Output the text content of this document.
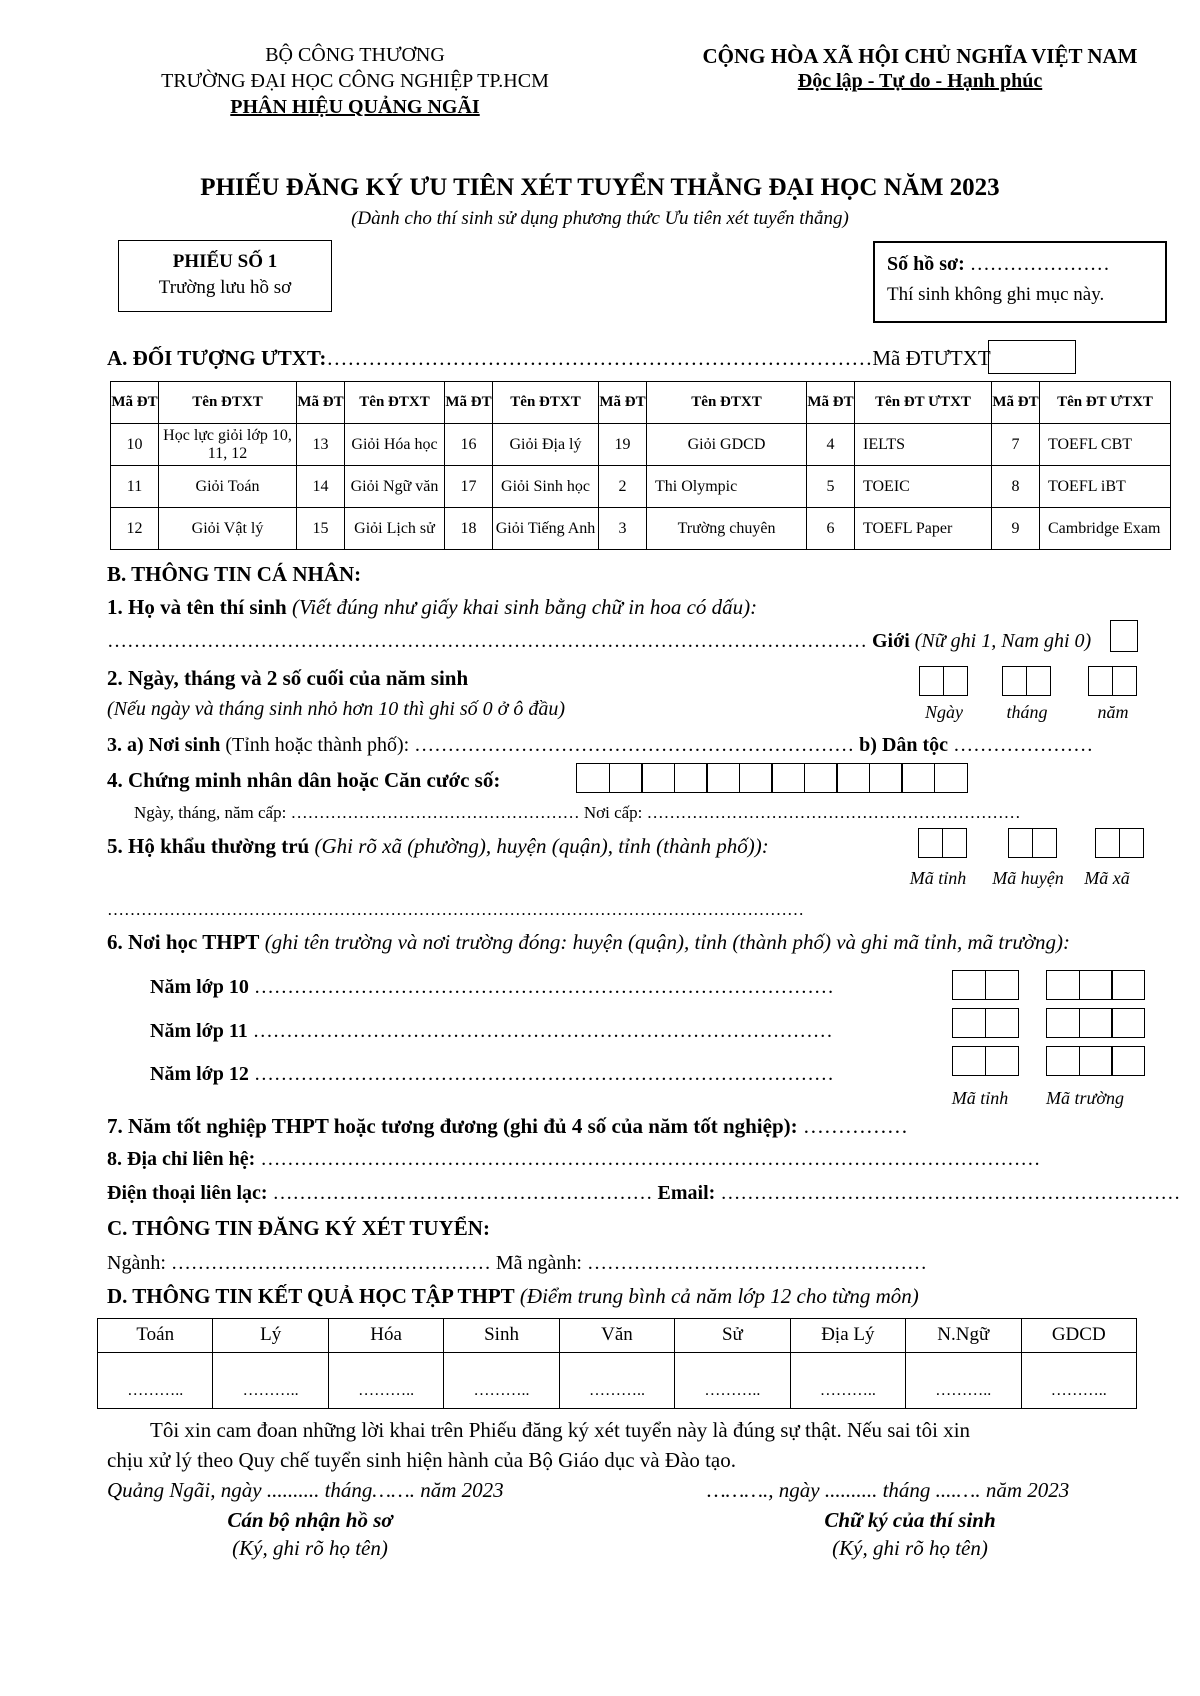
BỘ CÔNG THƯƠNG
TRƯỜNG ĐẠI HỌC CÔNG NGHIỆP TP.HCM
PHÂN HIỆU QUẢNG NGÃI
CỘNG HÒA XÃ HỘI CHỦ NGHĨA VIỆT NAM
Độc lập - Tự do - Hạnh phúc
PHIẾU ĐĂNG KÝ ƯU TIÊN XÉT TUYỂN THẲNG ĐẠI HỌC NĂM 2023
(Dành cho thí sinh sử dụng phương thức Ưu tiên xét tuyển thẳng)
PHIẾU SỐ 1
Trường lưu hồ sơ
Số hồ sơ: …………………
Thí sinh không ghi mục này.
A. ĐỐI TƯỢNG ƯTXT:……………………………………………………………………Mã ĐTƯTXT
Mã ĐT	Tên ĐTXT	Mã ĐT	Tên ĐTXT	Mã ĐT	Tên ĐTXT	Mã ĐT	Tên ĐTXT	Mã ĐT	Tên ĐT ƯTXT	Mã ĐT	Tên ĐT ƯTXT
10	Học lực giỏi lớp 10, 11, 12	13	Giỏi Hóa học	16	Giỏi Địa lý	19	Giỏi GDCD	4	IELTS	7	TOEFL CBT
11	Giỏi Toán	14	Giỏi Ngữ văn	17	Giỏi Sinh học	2	Thi Olympic	5	TOEIC	8	TOEFL iBT
12	Giỏi Vật lý	15	Giỏi Lịch sử	18	Giỏi Tiếng Anh	3	Trường chuyên	6	TOEFL Paper	9	Cambridge Exam
B. THÔNG TIN CÁ NHÂN:
1. Họ và tên thí sinh (Viết đúng như giấy khai sinh bằng chữ in hoa có dấu):
…………………………………………………………………………………………………… Giới (Nữ ghi 1, Nam ghi 0)
2. Ngày, tháng và 2 số cuối của năm sinh
(Nếu ngày và tháng sinh nhỏ hơn 10 thì ghi số 0 ở ô đầu)	Ngày	tháng	năm
3. a) Nơi sinh (Tỉnh hoặc thành phố): ………………………………………………………… b) Dân tộc …………………
4. Chứng minh nhân dân hoặc Căn cước số:
Ngày, tháng, năm cấp: …………………………………………… Nơi cấp: …………………………………………………………
5. Hộ khẩu thường trú (Ghi rõ xã (phường), huyện (quận), tỉnh (thành phố)):
Mã tỉnh	Mã huyện	Mã xã
……………………………………………………………………………………………………………
6. Nơi học THPT (ghi tên trường và nơi trường đóng: huyện (quận), tỉnh (thành phố) và ghi mã tỉnh, mã trường):
Năm lớp 10 ……………………………………………………………………………
Năm lớp 11 ……………………………………………………………………………
Năm lớp 12 ……………………………………………………………………………
Mã tỉnh	Mã trường
7. Năm tốt nghiệp THPT hoặc tương đương (ghi đủ 4 số của năm tốt nghiệp): ……………
8. Địa chỉ liên hệ: ………………………………………………………………………………………………………
Điện thoại liên lạc: ………………………………………………… Email: ……………………………………………………………
C. THÔNG TIN ĐĂNG KÝ XÉT TUYỂN:
Ngành: ………………………………………… Mã ngành: ……………………………………………
D. THÔNG TIN KẾT QUẢ HỌC TẬP THPT (Điểm trung bình cả năm lớp 12 cho từng môn)
Toán	Lý	Hóa	Sinh	Văn	Sử	Địa Lý	N.Ngữ	GDCD
………..	………..	………..	………..	………..	………..	………..	………..	………..
Tôi xin cam đoan những lời khai trên Phiếu đăng ký xét tuyển này là đúng sự thật. Nếu sai tôi xin
chịu xử lý theo Quy chế tuyển sinh hiện hành của Bộ Giáo dục và Đào tạo.
Quảng Ngãi, ngày .......... tháng……. năm 2023
Cán bộ nhận hồ sơ
(Ký, ghi rõ họ tên)
………., ngày .......... tháng ....…. năm 2023
Chữ ký của thí sinh
(Ký, ghi rõ họ tên)
